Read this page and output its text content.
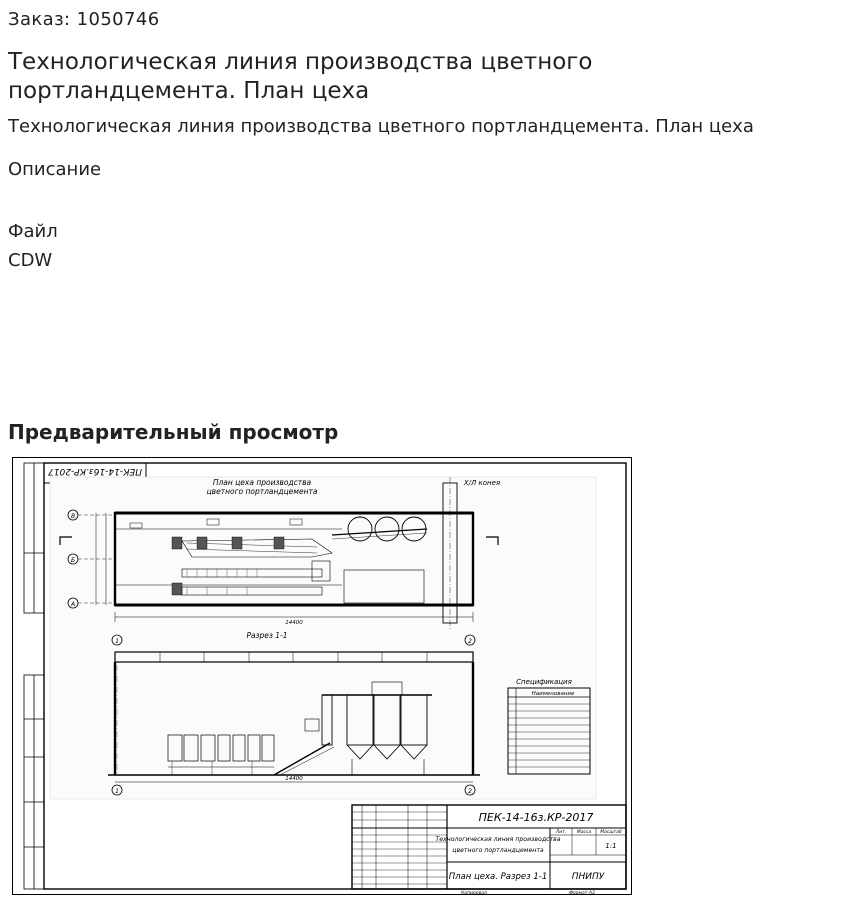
Заказ: 1050746
Технологическая линия производства цветного портландцемента. План цеха
Технологическая линия производства цветного портландцемента. План цеха
Описание
Файл
CDW
Предварительный просмотр
ПЕК-14-16з.КР-2017
План цеха производства
цветного портландцемента
Х/Л конея
В
Б
А
14400
Разрез 1-1
1	2
1	2
14400
Спецификация
Наименование
ПЕК-14-16з.КР-2017
Технологическая линия производства
цветного портландцемента
План цеха. Разрез 1-1	ПНИПУ
Лит. Масса Масштаб
1:1
Копировал	Формат А3
